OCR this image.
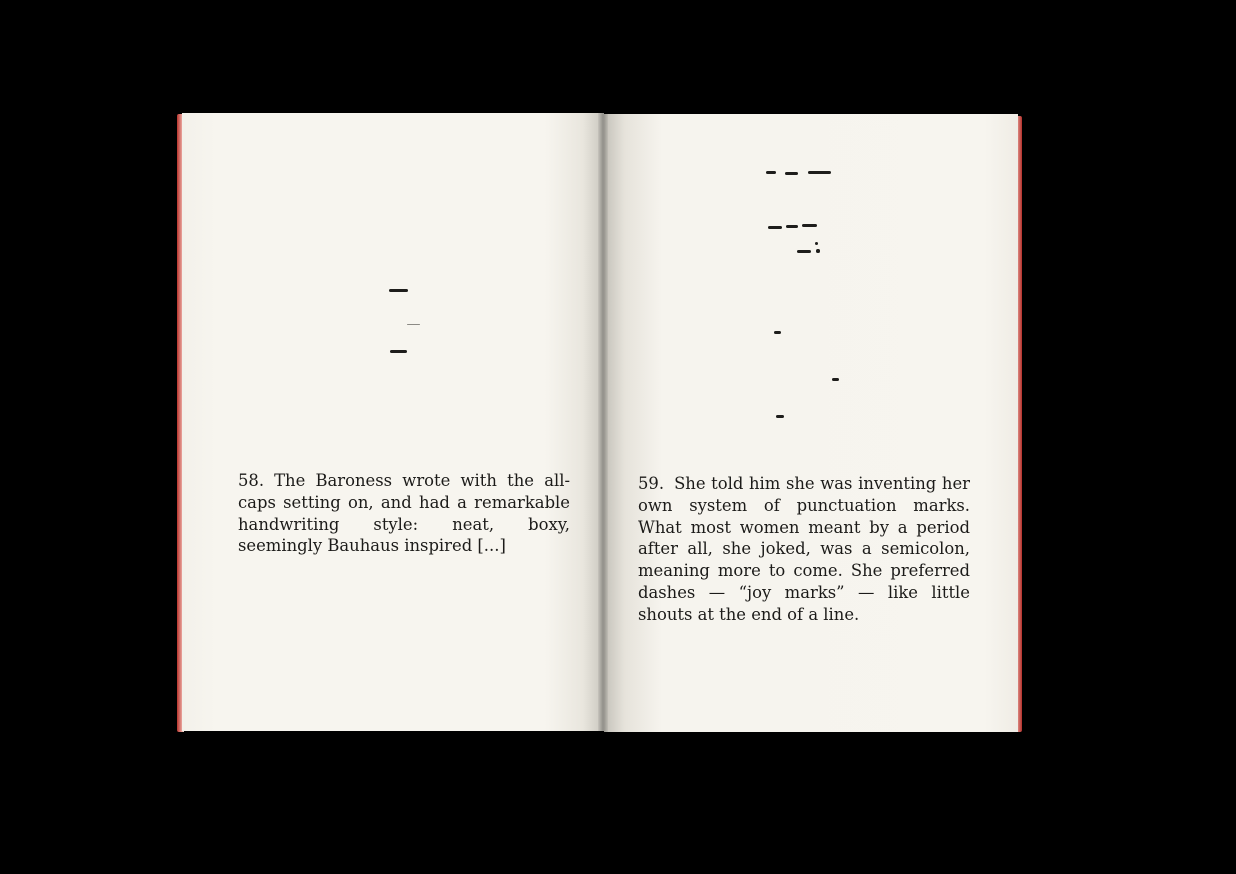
58. The Baroness wrote with the all-caps setting on, and had a remarkable handwriting style: neat, boxy, seemingly Bauhaus inspired [...]

59. She told him she was inventing her own system of punctuation marks. What most women meant by a period after all, she joked, was a semicolon, meaning more to come. She preferred dashes — “joy marks” — like little shouts at the end of a line.
